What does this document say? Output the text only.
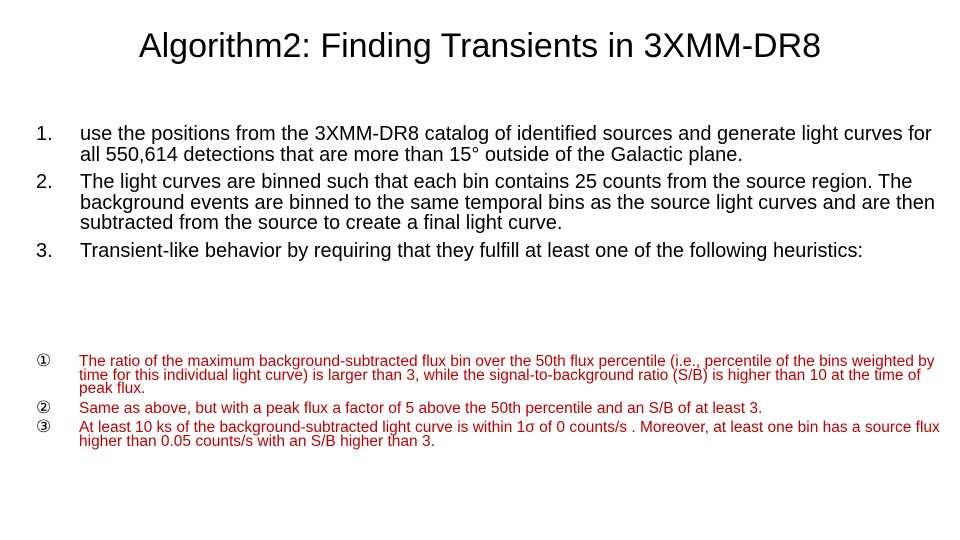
Algorithm2: Finding Transients in 3XMM-DR8
1. use the positions from the 3XMM-DR8 catalog of identified sources and generate light curves for all 550,614 detections that are more than 15° outside of the Galactic plane.
2. The light curves are binned such that each bin contains 25 counts from the source region. The background events are binned to the same temporal bins as the source light curves and are then subtracted from the source to create a final light curve.
3. Transient-like behavior by requiring that they fulfill at least one of the following heuristics:
① The ratio of the maximum background-subtracted flux bin over the 50th flux percentile (i.e., percentile of the bins weighted by time for this individual light curve) is larger than 3, while the signal-to-background ratio (S/B) is higher than 10 at the time of peak flux.
② Same as above, but with a peak flux a factor of 5 above the 50th percentile and an S/B of at least 3.
③ At least 10 ks of the background-subtracted light curve is within 1σ of 0 counts/s . Moreover, at least one bin has a source flux higher than 0.05 counts/s with an S/B higher than 3.
